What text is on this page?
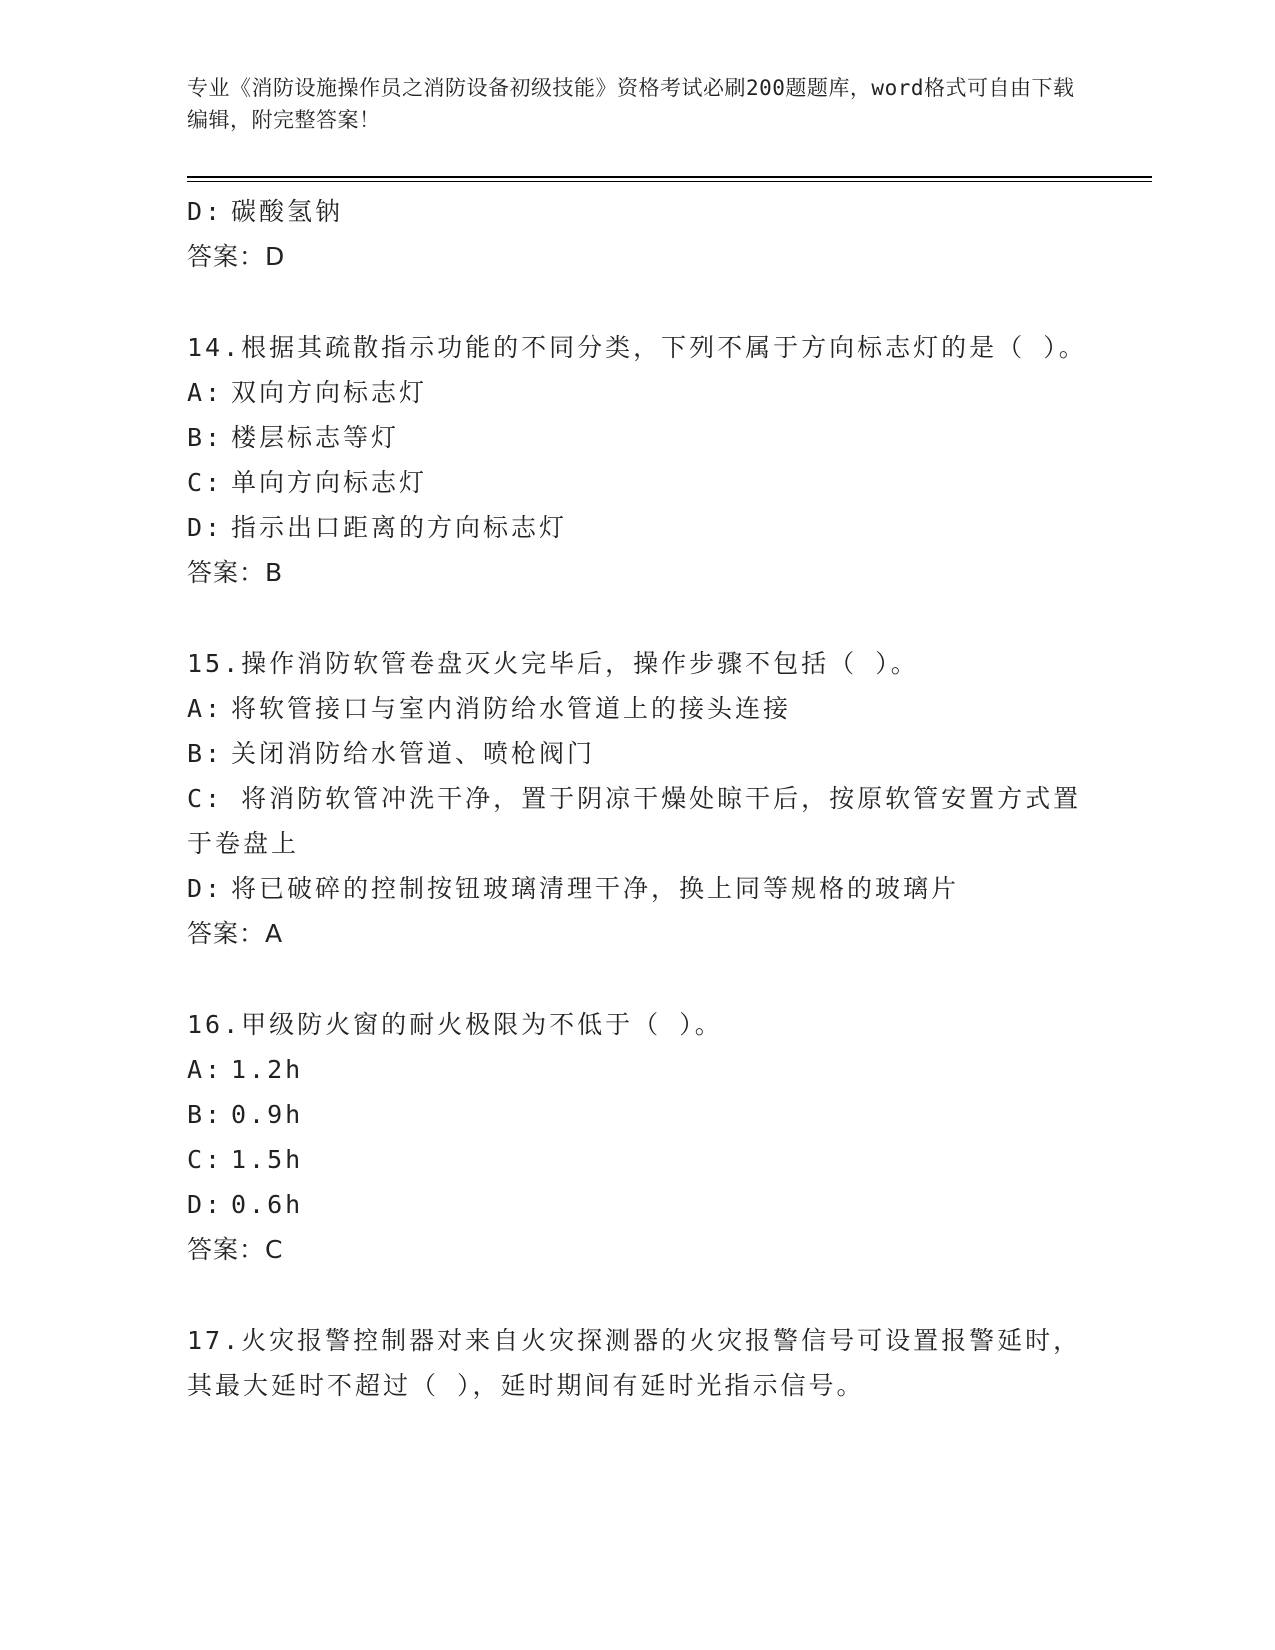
专业《消防设施操作员之消防设备初级技能》资格考试必刷200题题库，word格式可自由下载编辑，附完整答案！
D: 碳酸氢钠
答案：D
14.根据其疏散指示功能的不同分类，下列不属于方向标志灯的是（ ）。
A: 双向方向标志灯
B: 楼层标志等灯
C: 单向方向标志灯
D: 指示出口距离的方向标志灯
答案：B
15.操作消防软管卷盘灭火完毕后，操作步骤不包括（ ）。
A: 将软管接口与室内消防给水管道上的接头连接
B: 关闭消防给水管道、喷枪阀门
C: 将消防软管冲洗干净，置于阴凉干燥处晾干后，按原软管安置方式置于卷盘上
D: 将已破碎的控制按钮玻璃清理干净，换上同等规格的玻璃片
答案：A
16.甲级防火窗的耐火极限为不低于（ ）。
A: 1.2h
B: 0.9h
C: 1.5h
D: 0.6h
答案：C
17.火灾报警控制器对来自火灾探测器的火灾报警信号可设置报警延时，其最大延时不超过（ ），延时期间有延时光指示信号。
